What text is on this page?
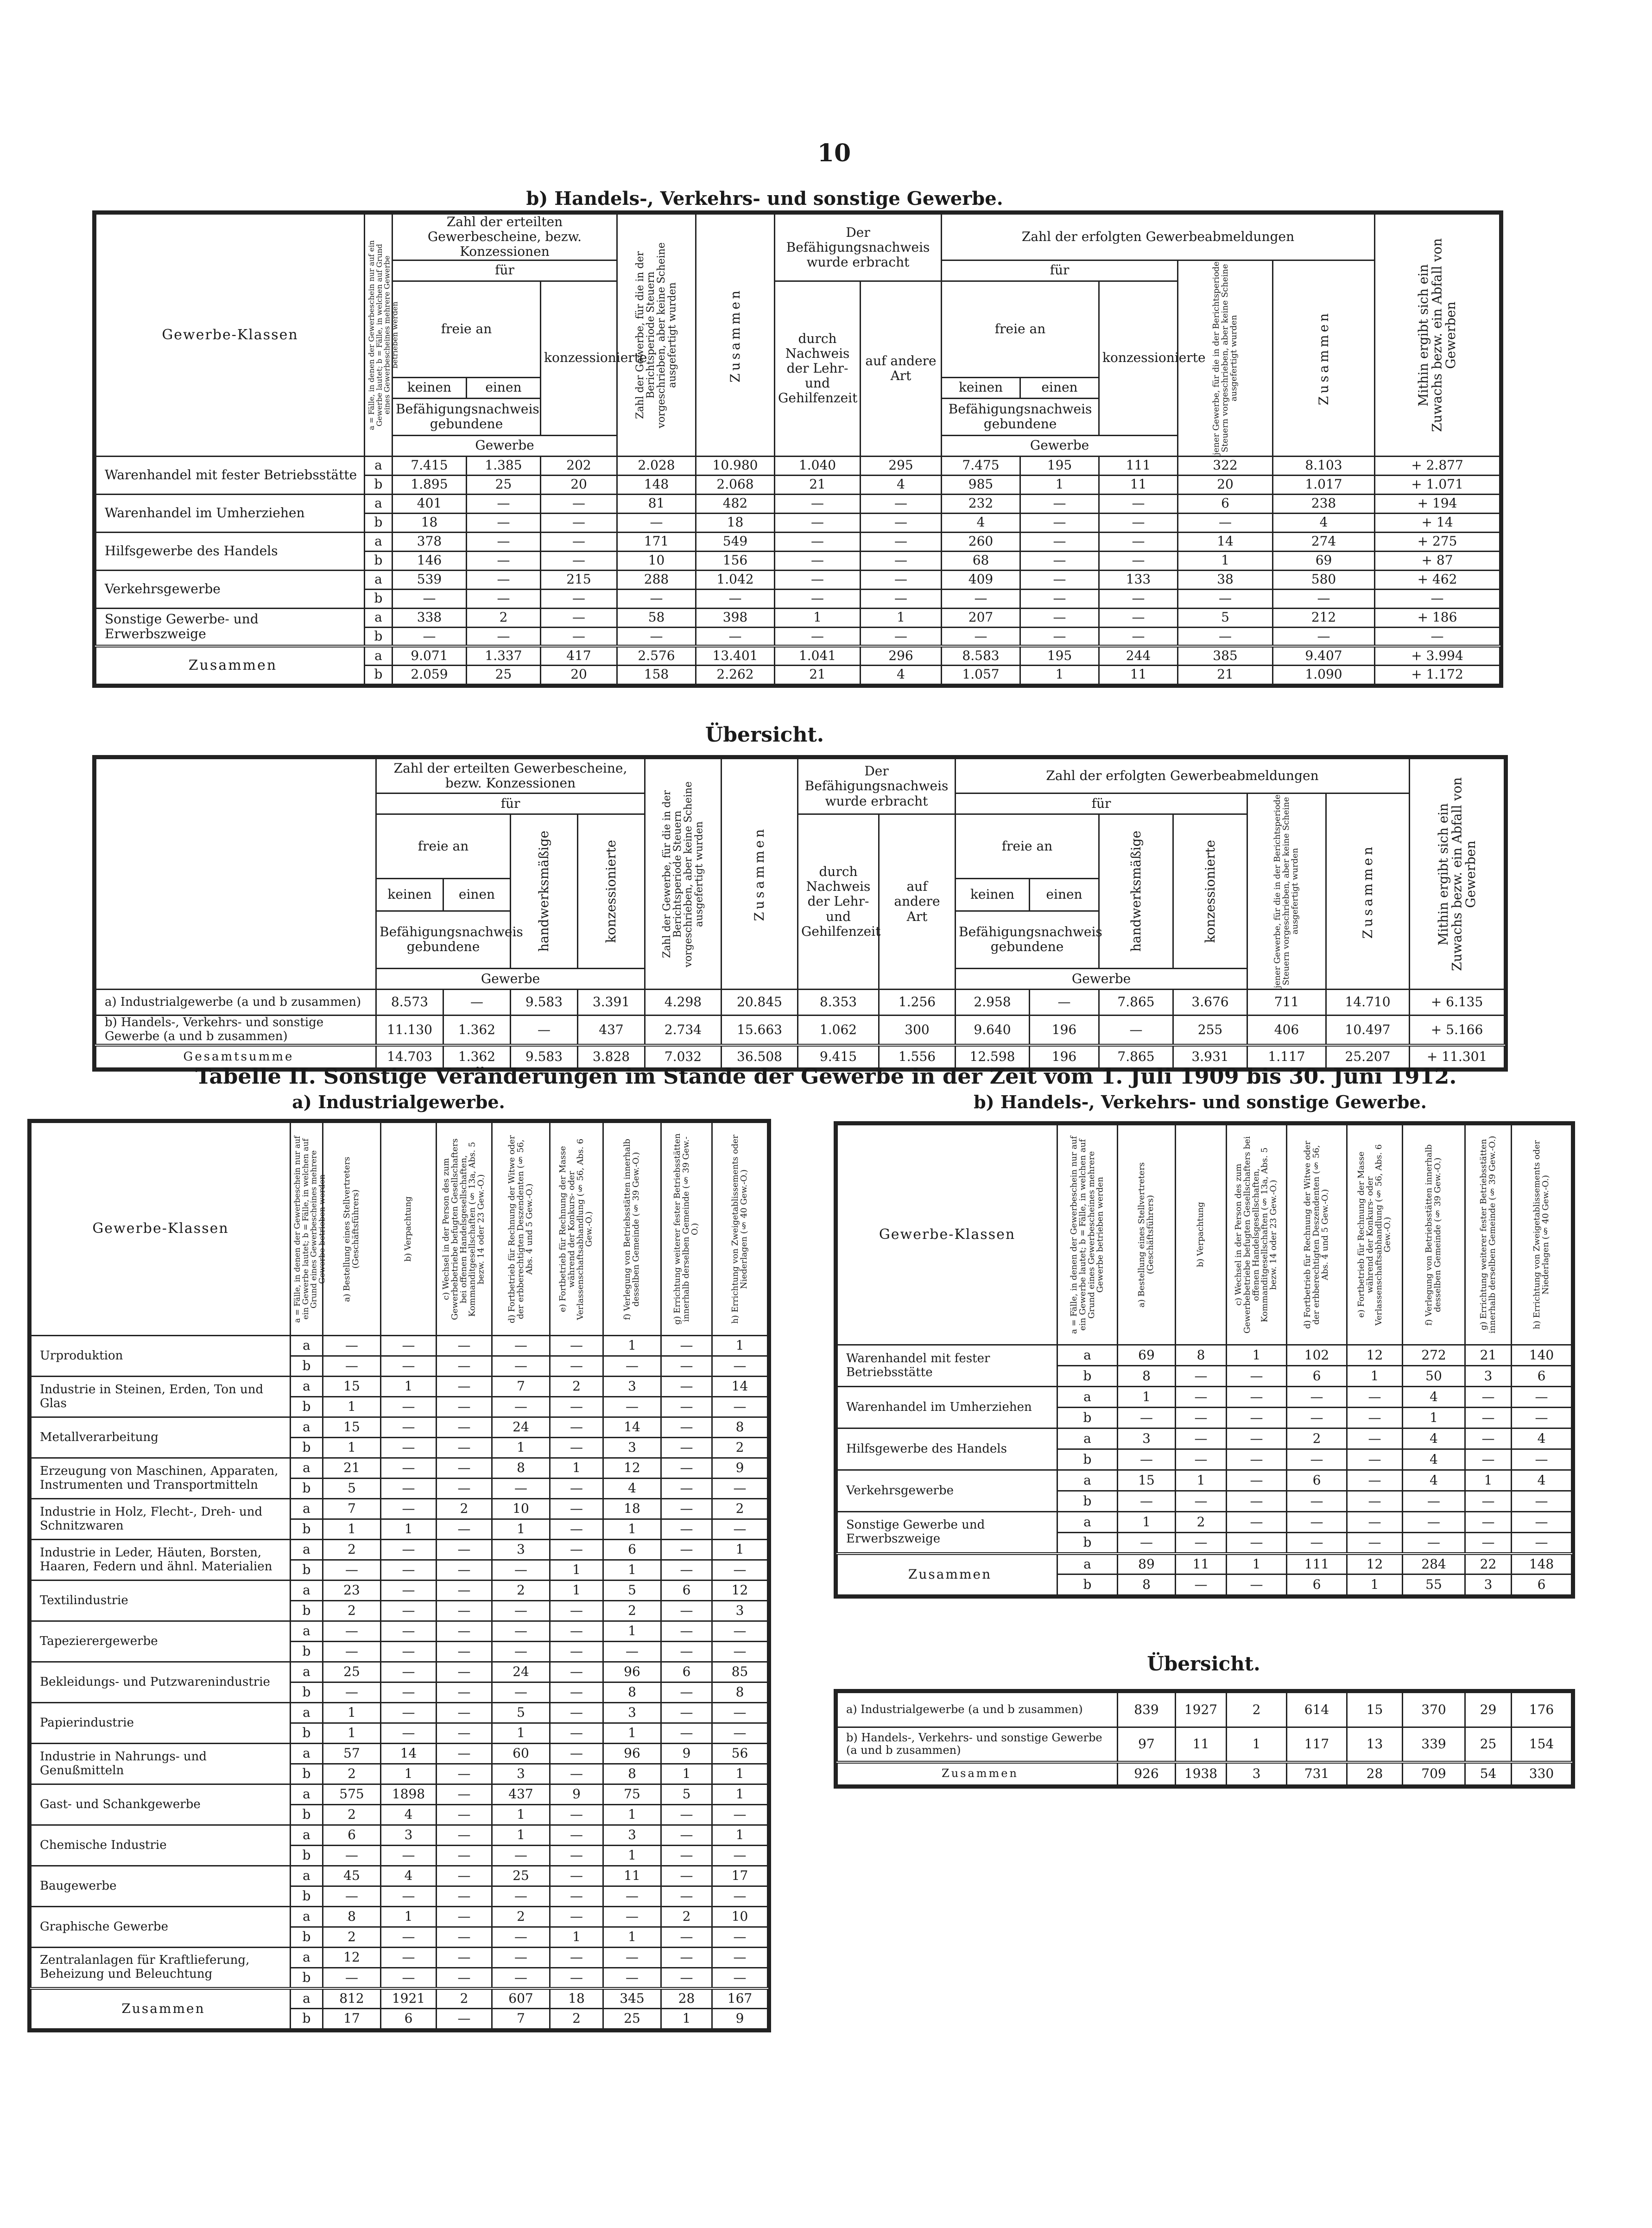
10
b) Handels-, Verkehrs- und sonstige Gewerbe.
Gewerbe-Klassen	a = Fälle, in denen der Gewerbeschein nur auf ein Gewerbe lautet; b = Fälle, in welchen auf Grund eines Gewerbescheines mehrere Gewerbe betrieben werden	Zahl der erteilten Gewerbescheine, bezw. Konzessionen			Zahl der Gewerbe, für die in der Berichtsperiode Steuern vorgeschrieben, aber keine Scheine ausgefertigt wurden	Zusammen	Der Befähigungsnachweis wurde erbracht		Zahl der erfolgten Gewerbeabmeldungen					Mithin ergibt sich ein Zuwachs bezw. ein Abfall von Gewerben

		für							für			jener Gewerbe, für die in der Berichtsperiode Steuern vorgeschrieben, aber keine Scheine ausgefertigt wurden	Zusammen	

		freie an		konzessionierte			durch Nachweis der Lehr- und Gehilfenzeit	auf andere Art	freie an		konzessionierte			
		keinen	einen						keinen	einen				
		Befähigungsnachweis gebundene							Befähigungsnachweis gebundene					
		Gewerbe							Gewerbe					
Warenhandel mit fester Betriebsstätte	a	7.415	1.385	202	2.028	10.980	1.040	295	7.475	195	111	322	8.103	+ 2.877
	b	1.895	25	20	148	2.068	21	4	985	1	11	20	1.017	+ 1.071
Warenhandel im Umherziehen	a	401	—	—	81	482	—	—	232	—	—	6	238	+ 194
	b	18	—	—	—	18	—	—	4	—	—	—	4	+ 14
Hilfsgewerbe des Handels	a	378	—	—	171	549	—	—	260	—	—	14	274	+ 275
	b	146	—	—	10	156	—	—	68	—	—	1	69	+ 87
Verkehrsgewerbe	a	539	—	215	288	1.042	—	—	409	—	133	38	580	+ 462
	b	—	—	—	—	—	—	—	—	—	—	—	—	—
Sonstige Gewerbe- und Erwerbszweige	a	338	2	—	58	398	1	1	207	—	—	5	212	+ 186
	b	—	—	—	—	—	—	—	—	—	—	—	—	—
Zusammen	a	9.071	1.337	417	2.576	13.401	1.041	296	8.583	195	244	385	9.407	+ 3.994
	b	2.059	25	20	158	2.262	21	4	1.057	1	11	21	1.090	+ 1.172
Übersicht.
	Zahl der erteilten Gewerbescheine, bezw. Konzessionen				Zahl der Gewerbe, für die in der Berichtsperiode Steuern vorgeschrieben, aber keine Scheine ausgefertigt wurden	Zusammen	Der Befähigungsnachweis wurde erbracht		Zahl der erfolgten Gewerbeabmeldungen						Mithin ergibt sich ein Zuwachs bezw. ein Abfall von Gewerben

	für								für				jener Gewerbe, für die in der Berichtsperiode Steuern vorgeschrieben, aber keine Scheine ausgefertigt wurden	Zusammen	

	freie an		handwerksmäßige	konzessionierte			durch Nachweis der Lehr- und Gehilfenzeit	auf andere Art	freie an		handwerksmäßige	konzessionierte			

	keinen	einen							keinen	einen					
	Befähigungsnachweis gebundene								Befähigungsnachweis gebundene						
	Gewerbe								Gewerbe						
a) Industrialgewerbe (a und b zusammen)	8.573	—	9.583	3.391	4.298	20.845	8.353	1.256	2.958	—	7.865	3.676	711	14.710	+ 6.135
b) Handels-, Verkehrs- und sonstige Gewerbe (a und b zusammen)	11.130	1.362	—	437	2.734	15.663	1.062	300	9.640	196	—	255	406	10.497	+ 5.166
Gesamtsumme	14.703	1.362	9.583	3.828	7.032	36.508	9.415	1.556	12.598	196	7.865	3.931	1.117	25.207	+ 11.301
Tabelle II. Sonstige Veränderungen im Stande der Gewerbe in der Zeit vom 1. Juli 1909 bis 30. Juni 1912.
a) Industrialgewerbe.	b) Handels-, Verkehrs- und sonstige Gewerbe.
Gewerbe-Klassen	a = Fälle, in denen der Gewerbeschein nur auf ein Gewerbe lautet; b = Fälle, in welchen auf Grund eines Gewerbescheines mehrere Gewerbe betrieben werden	a) Bestellung eines Stellvertreters (Geschäftsführers)	b) Verpachtung	c) Wechsel in der Person des zum Gewerbebetriebe befugten Gesellschafters bei offenen Handelsgesellschaften, Kommanditgesellschaften (§ 13a, Abs. 5 bezw. 14 oder 23 Gew.-O.)	d) Fortbetrieb für Rechnung der Witwe oder der erbberechtigten Deszendenten (§ 56, Abs. 4 und 5 Gew.-O.)	e) Fortbetrieb für Rechnung der Masse während der Konkurs- oder Verlassenschaftsabhandlung (§ 56, Abs. 6 Gew.-O.)	f) Verlegung von Betriebsstätten innerhalb desselben Gemeinde (§ 39 Gew.-O.)	g) Errichtung weiterer fester Betriebsstätten innerhalb derselben Gemeinde (§ 39 Gew.-O.)	h) Errichtung von Zweigetablissements oder Niederlagen (§ 40 Gew.-O.)

Urproduktion	a	—	—	—	—	—	1	—	1
	b	—	—	—	—	—	—	—	—
Industrie in Steinen, Erden, Ton und Glas	a	15	1	—	7	2	3	—	14
	b	1	—	—	—	—	—	—	—
Metallverarbeitung	a	15	—	—	24	—	14	—	8
	b	1	—	—	1	—	3	—	2
Erzeugung von Maschinen, Apparaten, Instrumenten und Transportmitteln	a	21	—	—	8	1	12	—	9
	b	5	—	—	—	—	4	—	—
Industrie in Holz, Flecht-, Dreh- und Schnitzwaren	a	7	—	2	10	—	18	—	2
	b	1	1	—	1	—	1	—	—
Industrie in Leder, Häuten, Borsten, Haaren, Federn und ähnl. Materialien	a	2	—	—	3	—	6	—	1
	b	—	—	—	—	1	1	—	—
Textilindustrie	a	23	—	—	2	1	5	6	12
	b	2	—	—	—	—	2	—	3
Tapezierergewerbe	a	—	—	—	—	—	1	—	—
	b	—	—	—	—	—	—	—	—
Bekleidungs- und Putzwarenindustrie	a	25	—	—	24	—	96	6	85
	b	—	—	—	—	—	8	—	8
Papierindustrie	a	1	—	—	5	—	3	—	—
	b	1	—	—	1	—	1	—	—
Industrie in Nahrungs- und Genußmitteln	a	57	14	—	60	—	96	9	56
	b	2	1	—	3	—	8	1	1
Gast- und Schankgewerbe	a	575	1898	—	437	9	75	5	1
	b	2	4	—	1	—	1	—	—
Chemische Industrie	a	6	3	—	1	—	3	—	1
	b	—	—	—	—	—	1	—	—
Baugewerbe	a	45	4	—	25	—	11	—	17
	b	—	—	—	—	—	—	—	—
Graphische Gewerbe	a	8	1	—	2	—	—	2	10
	b	2	—	—	—	1	1	—	—
Zentralanlagen für Kraftlieferung, Beheizung und Beleuchtung	a	12	—	—	—	—	—	—	—
	b	—	—	—	—	—	—	—	—
Zusammen	a	812	1921	2	607	18	345	28	167
	b	17	6	—	7	2	25	1	9
Gewerbe-Klassen	a = Fälle, in denen der Gewerbeschein nur auf ein Gewerbe lautet; b = Fälle, in welchen auf Grund eines Gewerbescheines mehrere Gewerbe betrieben werden	a) Bestellung eines Stellvertreters (Geschäftsführers)	b) Verpachtung	c) Wechsel in der Person des zum Gewerbebetriebe befugten Gesellschafters bei offenen Handelsgesellschaften, Kommanditgesellschaften (§ 13a, Abs. 5 bezw. 14 oder 23 Gew.-O.)	d) Fortbetrieb für Rechnung der Witwe oder der erbberechtigten Deszendenten (§ 56, Abs. 4 und 5 Gew.-O.)	e) Fortbetrieb für Rechnung der Masse während der Konkurs- oder Verlassenschaftsabhandlung (§ 56, Abs. 6 Gew.-O.)	f) Verlegung von Betriebsstätten innerhalb desselben Gemeinde (§ 39 Gew.-O.)	g) Errichtung weiterer fester Betriebsstätten innerhalb derselben Gemeinde (§ 39 Gew.-O.)	h) Errichtung von Zweigetablissements oder Niederlagen (§ 40 Gew.-O.)

Warenhandel mit fester Betriebsstätte	a	69	8	1	102	12	272	21	140
	b	8	—	—	6	1	50	3	6
Warenhandel im Umherziehen	a	1	—	—	—	—	4	—	—
	b	—	—	—	—	—	1	—	—
Hilfsgewerbe des Handels	a	3	—	—	2	—	4	—	4
	b	—	—	—	—	—	4	—	—
Verkehrsgewerbe	a	15	1	—	6	—	4	1	4
	b	—	—	—	—	—	—	—	—
Sonstige Gewerbe und Erwerbszweige	a	1	2	—	—	—	—	—	—
	b	—	—	—	—	—	—	—	—
Zusammen	a	89	11	1	111	12	284	22	148
	b	8	—	—	6	1	55	3	6
Übersicht.
a) Industrialgewerbe (a und b zusammen)	839	1927	2	614	15	370	29	176
b) Handels-, Verkehrs- und sonstige Gewerbe (a und b zusammen)	97	11	1	117	13	339	25	154
Zusammen	926	1938	3	731	28	709	54	330
